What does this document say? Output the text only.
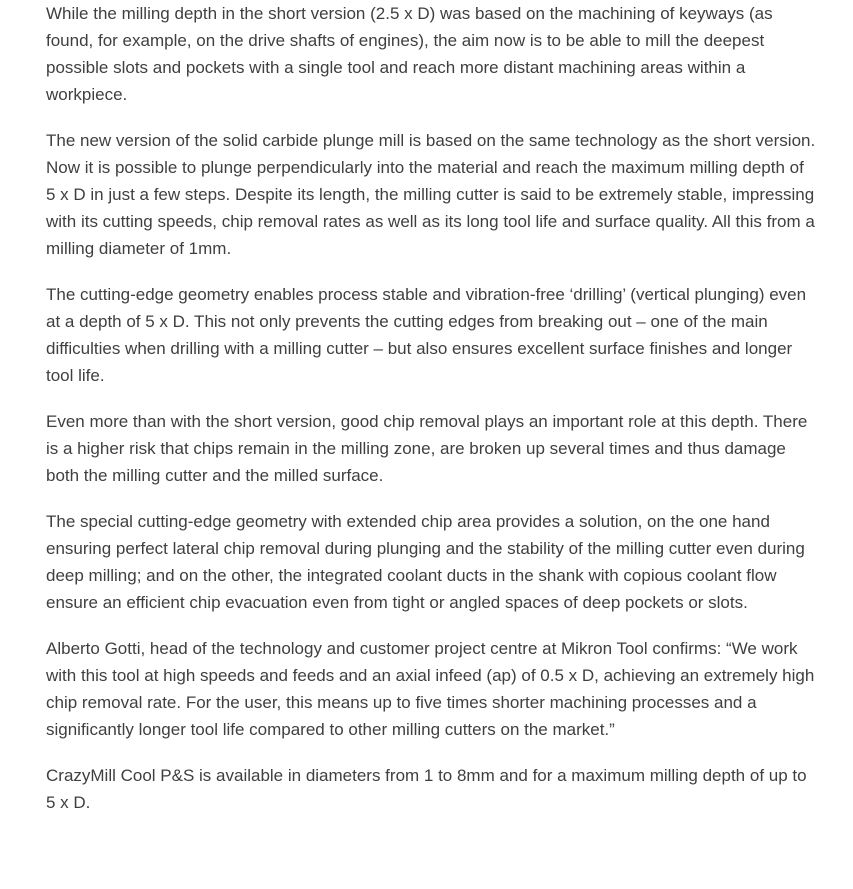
While the milling depth in the short version (2.5 x D) was based on the machining of keyways (as found, for example, on the drive shafts of engines), the aim now is to be able to mill the deepest possible slots and pockets with a single tool and reach more distant machining areas within a workpiece.

The new version of the solid carbide plunge mill is based on the same technology as the short version. Now it is possible to plunge perpendicularly into the material and reach the maximum milling depth of 5 x D in just a few steps. Despite its length, the milling cutter is said to be extremely stable, impressing with its cutting speeds, chip removal rates as well as its long tool life and surface quality. All this from a milling diameter of 1mm.

The cutting-edge geometry enables process stable and vibration-free ‘drilling’ (vertical plunging) even at a depth of 5 x D. This not only prevents the cutting edges from breaking out – one of the main difficulties when drilling with a milling cutter – but also ensures excellent surface finishes and longer tool life.

Even more than with the short version, good chip removal plays an important role at this depth. There is a higher risk that chips remain in the milling zone, are broken up several times and thus damage both the milling cutter and the milled surface.

The special cutting-edge geometry with extended chip area provides a solution, on the one hand ensuring perfect lateral chip removal during plunging and the stability of the milling cutter even during deep milling; and on the other, the integrated coolant ducts in the shank with copious coolant flow ensure an efficient chip evacuation even from tight or angled spaces of deep pockets or slots.

Alberto Gotti, head of the technology and customer project centre at Mikron Tool confirms: “We work with this tool at high speeds and feeds and an axial infeed (ap) of 0.5 x D, achieving an extremely high chip removal rate. For the user, this means up to five times shorter machining processes and a significantly longer tool life compared to other milling cutters on the market.”

CrazyMill Cool P&S is available in diameters from 1 to 8mm and for a maximum milling depth of up to 5 x D.
